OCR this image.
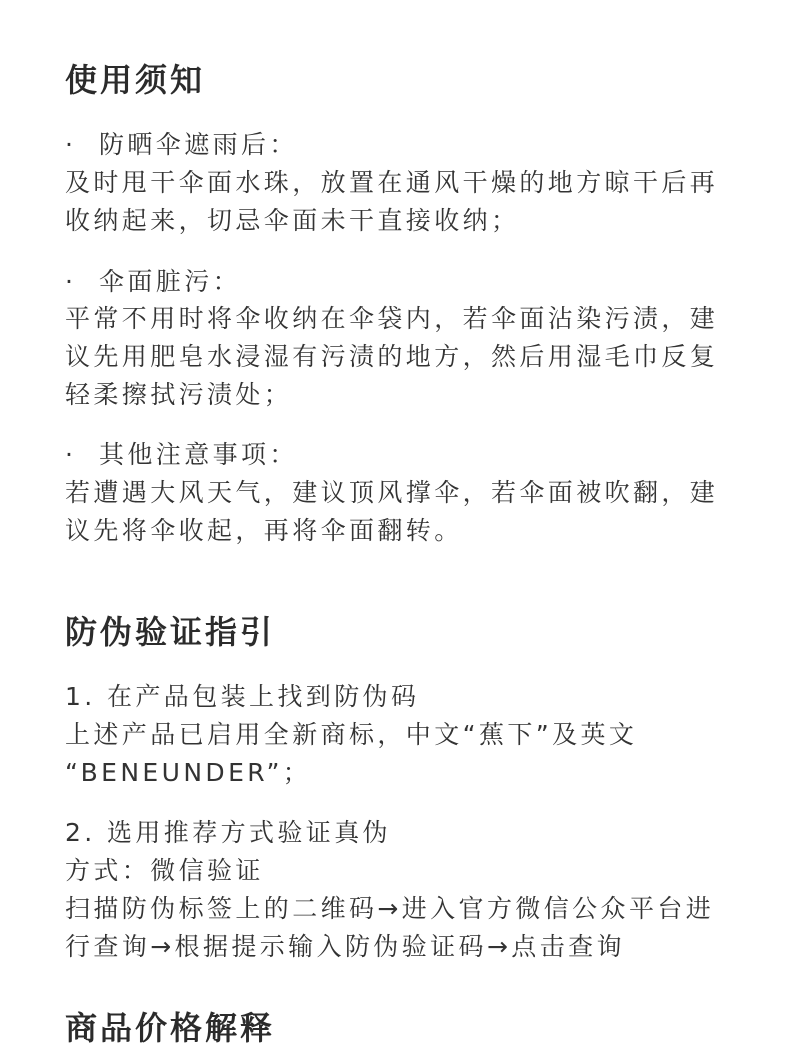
使用须知

· 防晒伞遮雨后：

及时甩干伞面水珠，放置在通风干燥的地方晾干后再

收纳起来，切忌伞面未干直接收纳；

· 伞面脏污：

平常不用时将伞收纳在伞袋内，若伞面沾染污渍，建

议先用肥皂水浸湿有污渍的地方，然后用湿毛巾反复

轻柔擦拭污渍处；

· 其他注意事项：

若遭遇大风天气，建议顶风撑伞，若伞面被吹翻，建

议先将伞收起，再将伞面翻转。

防伪验证指引

1. 在产品包装上找到防伪码

上述产品已启用全新商标，中文“蕉下”及英文

“BENEUNDER”；

2. 选用推荐方式验证真伪

方式：微信验证

扫描防伪标签上的二维码→进入官方微信公众平台进

行查询→根据提示输入防伪验证码→点击查询

商品价格解释
